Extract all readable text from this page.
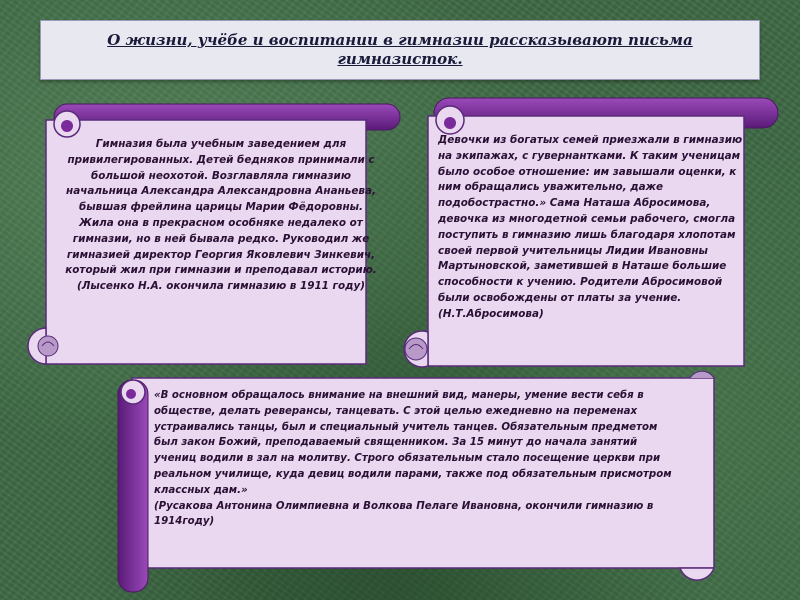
О жизни, учёбе и воспитании в гимназии рассказывают письма гимназисток.

Гимназия была учебным заведением для привилегированных. Детей бедняков принимали с большой неохотой. Возглавляла гимназию начальница Александра Александровна Ананьева, бывшая фрейлина царицы Марии Фёдоровны. Жила она в прекрасном особняке недалеко от гимназии, но в ней бывала редко. Руководил же гимназией директор Георгия Яковлевич Зинкевич, который жил при гимназии и преподавал историю.
(Лысенко Н.А. окончила гимназию в 1911 году)

Девочки из богатых семей приезжали в гимназию на экипажах, с гувернантками. К таким ученицам было особое отношение: им завышали оценки, к ним обращались уважительно, даже подобострастно.» Сама Наташа Абросимова, девочка из многодетной семьи рабочего, смогла поступить в гимназию лишь благодаря хлопотам своей первой учительницы Лидии Ивановны Мартыновской, заметившей в Наташе большие способности к учению. Родители Абросимовой были освобождены от платы за учение. (Н.Т.Абросимова)

«В основном обращалось внимание на внешний вид, манеры, умение вести себя в обществе, делать реверансы, танцевать. С этой целью ежедневно на переменах устраивались танцы, был и специальный учитель танцев. Обязательным предметом был закон Божий, преподаваемый священником. За 15 минут до начала занятий учениц водили в зал на молитву. Строго обязательным стало посещение церкви при реальном училище, куда девиц водили парами, также под обязательным присмотром классных дам.»
(Русакова Антонина Олимпиевна и Волкова Пелаге Ивановна, окончили гимназию в 1914году)
